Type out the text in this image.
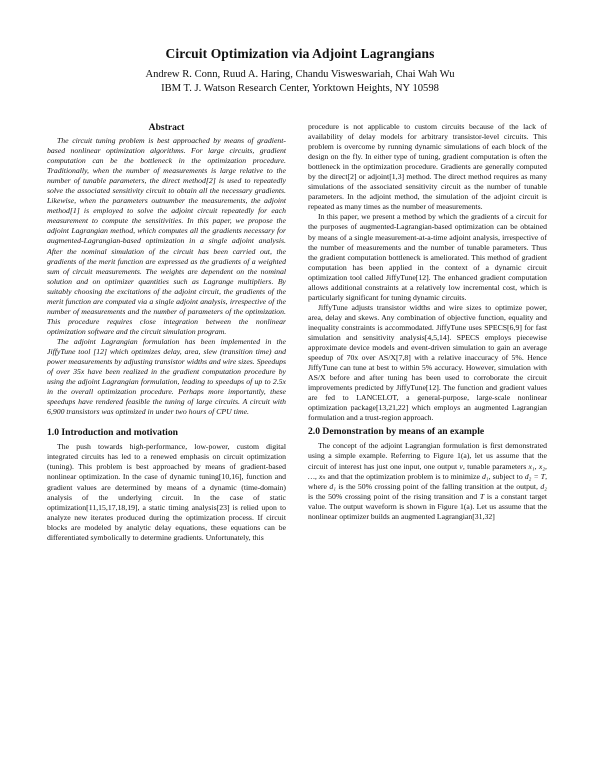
Circuit Optimization via Adjoint Lagrangians
Andrew R. Conn, Ruud A. Haring, Chandu Visweswariah, Chai Wah Wu
IBM T. J. Watson Research Center, Yorktown Heights, NY 10598
Abstract

The circuit tuning problem is best approached by means of gradient-based nonlinear optimization algorithms. For large circuits, gradient computation can be the bottleneck in the optimization procedure. Traditionally, when the number of measurements is large relative to the number of tunable parameters, the direct method[2] is used to repeatedly solve the associated sensitivity circuit to obtain all the necessary gradients. Likewise, when the parameters outnumber the measurements, the adjoint method[1] is employed to solve the adjoint circuit repeatedly for each measurement to compute the sensitivities. In this paper, we propose the adjoint Lagrangian method, which computes all the gradients necessary for augmented-Lagrangian-based optimization in a single adjoint analysis. After the nominal simulation of the circuit has been carried out, the gradients of the merit function are expressed as the gradients of a weighted sum of circuit measurements. The weights are dependent on the nominal solution and on optimizer quantities such as Lagrange multipliers. By suitably choosing the excitations of the adjoint circuit, the gradients of the merit function are computed via a single adjoint analysis, irrespective of the number of measurements and the number of parameters of the optimization. This procedure requires close integration between the nonlinear optimization software and the circuit simulation program.

The adjoint Lagrangian formulation has been implemented in the JiffyTune tool [12] which optimizes delay, area, slew (transition time) and power measurements by adjusting transistor widths and wire sizes. Speedups of over 35x have been realized in the gradient computation procedure by using the adjoint Lagrangian formulation, leading to speedups of up to 2.5x in the overall optimization procedure. Perhaps more importantly, these speedups have rendered feasible the tuning of large circuits. A circuit with 6,900 transistors was optimized in under two hours of CPU time.

1.0 Introduction and motivation

The push towards high-performance, low-power, custom digital integrated circuits has led to a renewed emphasis on circuit optimization (tuning). This problem is best approached by means of gradient-based nonlinear optimization. In the case of dynamic tuning[10,16], function and gradient values are determined by means of a dynamic (time-domain) analysis of the underlying circuit. In the case of static optimization[11,15,17,18,19], a static timing analysis[23] is relied upon to analyze new iterates produced during the optimization process. If circuit blocks are modeled by analytic delay equations, these equations can be differentiated symbolically to determine gradients. Unfortunately, this

procedure is not applicable to custom circuits because of the lack of availability of delay models for arbitrary transistor-level circuits. This problem is overcome by running dynamic simulations of each block of the design on the fly. In either type of tuning, gradient computation is often the bottleneck in the optimization procedure. Gradients are generally computed by the direct[2] or adjoint[1,3] method. The direct method requires as many simulations of the associated sensitivity circuit as the number of tunable parameters. In the adjoint method, the simulation of the adjoint circuit is repeated as many times as the number of measurements.

In this paper, we present a method by which the gradients of a circuit for the purposes of augmented-Lagrangian-based optimization can be obtained by means of a single measurement-at-a-time adjoint analysis, irrespective of the number of measurements and the number of tunable parameters. Thus the gradient computation bottleneck is ameliorated. This method of gradient computation has been applied in the context of a dynamic circuit optimization tool called JiffyTune[12]. The enhanced gradient computation allows additional constraints at a relatively low incremental cost, which is particularly significant for tuning dynamic circuits.

JiffyTune adjusts transistor widths and wire sizes to optimize power, area, delay and skews. Any combination of objective function, equality and inequality constraints is accommodated. JiffyTune uses SPECS[6,9] for fast simulation and sensitivity analysis[4,5,14]. SPECS employs piecewise approximate device models and event-driven simulation to gain an average speedup of 70x over AS/X[7,8] with a relative inaccuracy of 5%. Hence JiffyTune can tune at best to within 5% accuracy. However, simulation with AS/X before and after tuning has been used to corroborate the circuit improvements predicted by JiffyTune[12]. The function and gradient values are fed to LANCELOT, a general-purpose, large-scale nonlinear optimization package[13,21,22] which employs an augmented Lagrangian formulation and a trust-region approach.

2.0 Demonstration by means of an example

The concept of the adjoint Lagrangian formulation is first demonstrated using a simple example. Referring to Figure 1(a), let us assume that the circuit of interest has just one input, one output v, tunable parameters x₁, x₂, …, xₙ and that the optimization problem is to minimize d₁, subject to d₂ = T, where d₁ is the 50% crossing point of the falling transition at the output, d₂ is the 50% crossing point of the rising transition and T is a constant target value. The output waveform is shown in Figure 1(a). Let us assume that the nonlinear optimizer builds an augmented Lagrangian[31,32]
